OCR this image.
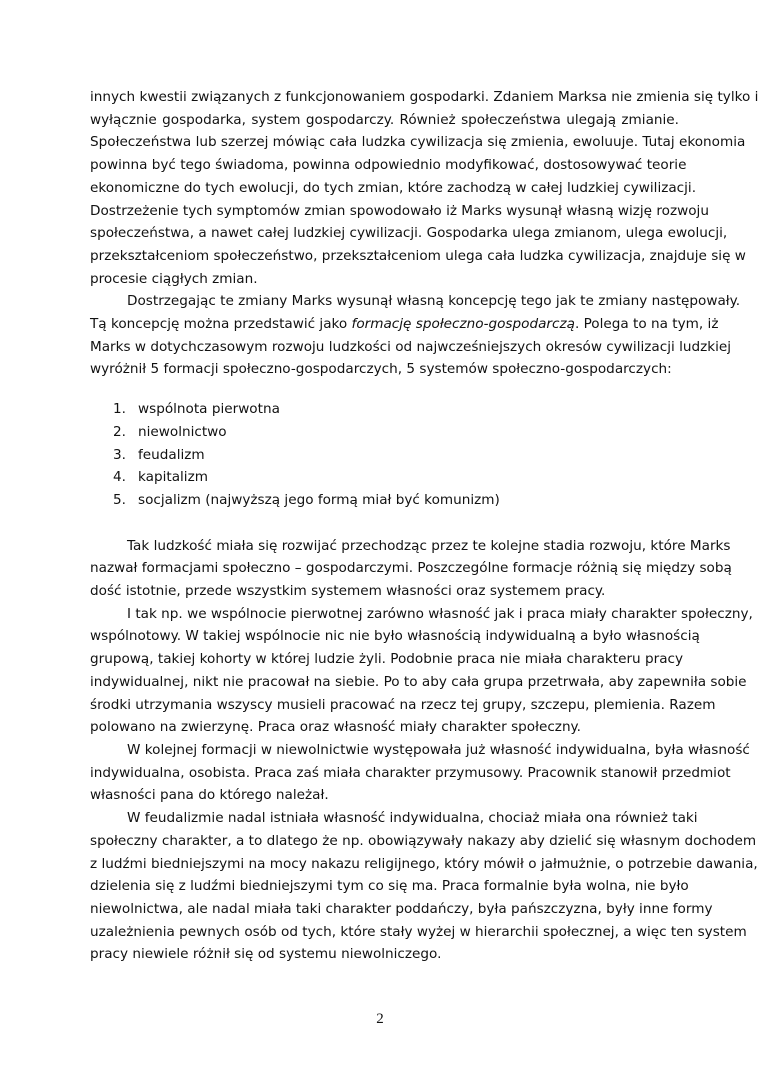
innych kwestii związanych z funkcjonowaniem gospodarki. Zdaniem Marksa nie zmienia się tylko i
wyłącznie gospodarka, system gospodarczy. Również społeczeństwa ulegają zmianie.
Społeczeństwa lub szerzej mówiąc cała ludzka cywilizacja się zmienia, ewoluuje. Tutaj ekonomia
powinna być tego świadoma, powinna odpowiednio modyfikować, dostosowywać teorie
ekonomiczne do tych ewolucji, do tych zmian, które zachodzą w całej ludzkiej cywilizacji.
Dostrzeżenie tych symptomów zmian spowodowało iż Marks wysunął własną wizję rozwoju
społeczeństwa, a nawet całej ludzkiej cywilizacji. Gospodarka ulega zmianom, ulega ewolucji,
przekształceniom społeczeństwo, przekształceniom ulega cała ludzka cywilizacja, znajduje się w
procesie ciągłych zmian.
Dostrzegając te zmiany Marks wysunął własną koncepcję tego jak te zmiany następowały.
Tą koncepcję można przedstawić jako formację społeczno-gospodarczą. Polega to na tym, iż
Marks w dotychczasowym rozwoju ludzkości od najwcześniejszych okresów cywilizacji ludzkiej
wyróżnił 5 formacji społeczno-gospodarczych, 5 systemów społeczno-gospodarczych:
1. wspólnota pierwotna
2. niewolnictwo
3. feudalizm
4. kapitalizm
5. socjalizm (najwyższą jego formą miał być komunizm)
Tak ludzkość miała się rozwijać przechodząc przez te kolejne stadia rozwoju, które Marks
nazwał formacjami społeczno – gospodarczymi. Poszczególne formacje różnią się między sobą
dość istotnie, przede wszystkim systemem własności oraz systemem pracy.
I tak np. we wspólnocie pierwotnej zarówno własność jak i praca miały charakter społeczny,
wspólnotowy. W takiej wspólnocie nic nie było własnością indywidualną a było własnością
grupową, takiej kohorty w której ludzie żyli. Podobnie praca nie miała charakteru pracy
indywidualnej, nikt nie pracował na siebie. Po to aby cała grupa przetrwała, aby zapewniła sobie
środki utrzymania wszyscy musieli pracować na rzecz tej grupy, szczepu, plemienia. Razem
polowano na zwierzynę. Praca oraz własność miały charakter społeczny.
W kolejnej formacji w niewolnictwie występowała już własność indywidualna, była własność
indywidualna, osobista. Praca zaś miała charakter przymusowy. Pracownik stanowił przedmiot
własności pana do którego należał.
W feudalizmie nadal istniała własność indywidualna, chociaż miała ona również taki
społeczny charakter, a to dlatego że np. obowiązywały nakazy aby dzielić się własnym dochodem
z ludźmi biedniejszymi na mocy nakazu religijnego, który mówił o jałmużnie, o potrzebie dawania,
dzielenia się z ludźmi biedniejszymi tym co się ma. Praca formalnie była wolna, nie było
niewolnictwa, ale nadal miała taki charakter poddańczy, była pańszczyzna, były inne formy
uzależnienia pewnych osób od tych, które stały wyżej w hierarchii społecznej, a więc ten system
pracy niewiele różnił się od systemu niewolniczego.
2
